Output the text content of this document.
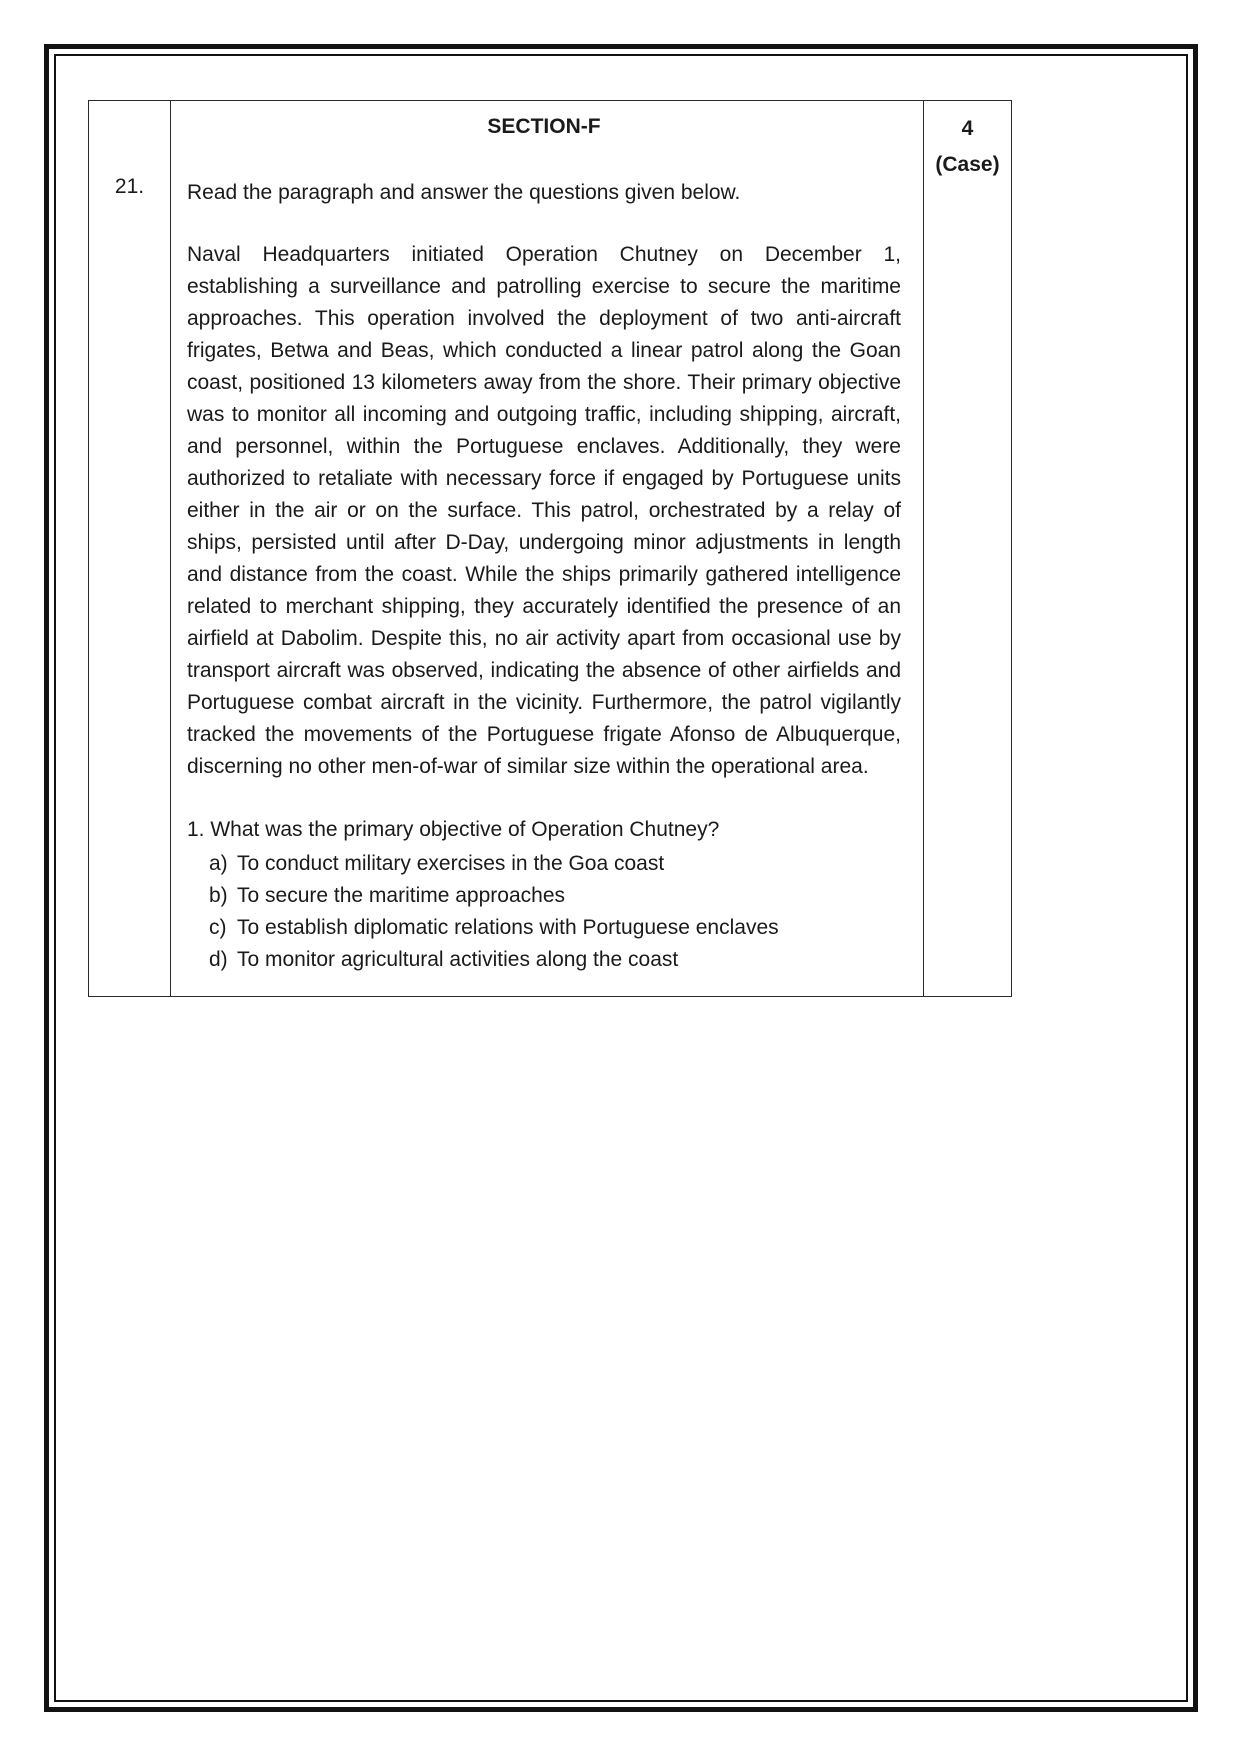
21.
SECTION-F
Read the paragraph and answer the questions given below.
Naval Headquarters initiated Operation Chutney on December 1, establishing a surveillance and patrolling exercise to secure the maritime approaches. This operation involved the deployment of two anti-aircraft frigates, Betwa and Beas, which conducted a linear patrol along the Goan coast, positioned 13 kilometers away from the shore. Their primary objective was to monitor all incoming and outgoing traffic, including shipping, aircraft, and personnel, within the Portuguese enclaves. Additionally, they were authorized to retaliate with necessary force if engaged by Portuguese units either in the air or on the surface. This patrol, orchestrated by a relay of ships, persisted until after D-Day, undergoing minor adjustments in length and distance from the coast. While the ships primarily gathered intelligence related to merchant shipping, they accurately identified the presence of an airfield at Dabolim. Despite this, no air activity apart from occasional use by transport aircraft was observed, indicating the absence of other airfields and Portuguese combat aircraft in the vicinity. Furthermore, the patrol vigilantly tracked the movements of the Portuguese frigate Afonso de Albuquerque, discerning no other men-of-war of similar size within the operational area.
1. What was the primary objective of Operation Chutney?
a) To conduct military exercises in the Goa coast
b) To secure the maritime approaches
c) To establish diplomatic relations with Portuguese enclaves
d) To monitor agricultural activities along the coast
4
(Case)
